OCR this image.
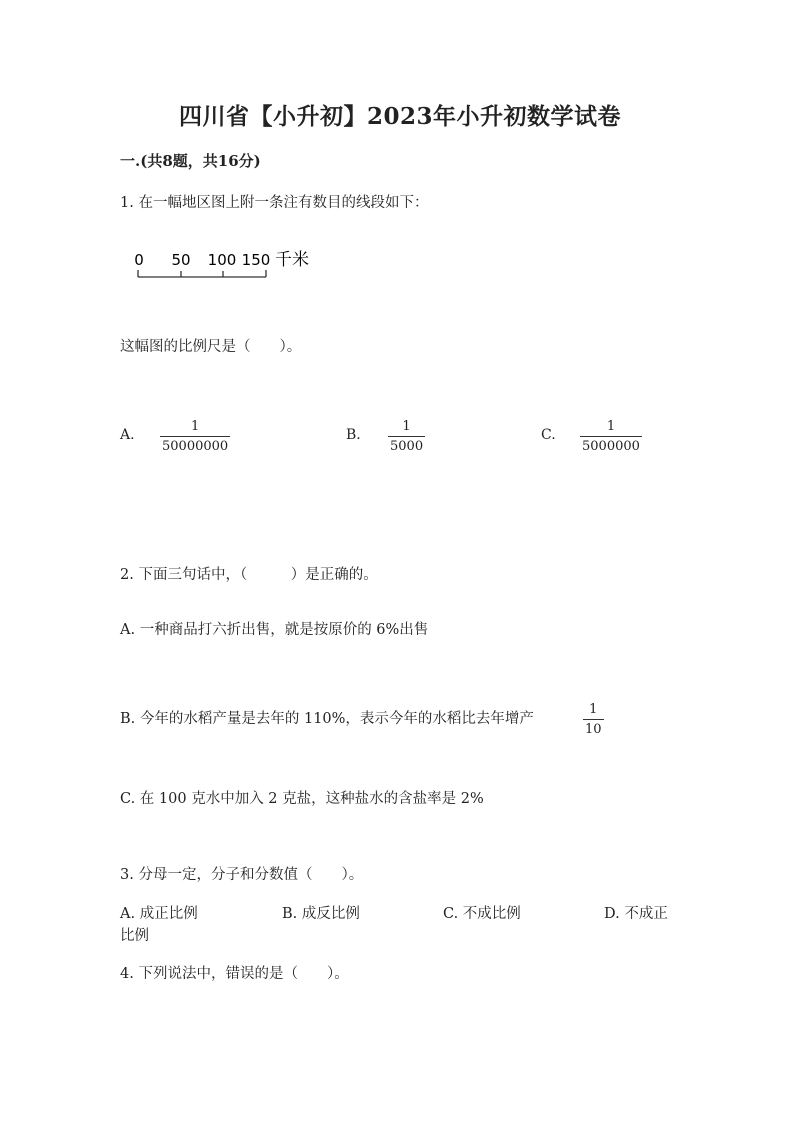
四川省【小升初】2023年小升初数学试卷
一.(共8题，共16分)
1. 在一幅地区图上附一条注有数目的线段如下：
0 50 100 150 千米
这幅图的比例尺是（　　）。
A. $\frac{1}{50000000}$	B. $\frac{1}{5000}$	C. $\frac{1}{5000000}$
2. 下面三句话中，（　　　）是正确的。
A. 一种商品打六折出售，就是按原价的 6%出售
B. 今年的水稻产量是去年的 110%，表示今年的水稻比去年增产	$\frac{1}{10}$
C. 在 100 克水中加入 2 克盐，这种盐水的含盐率是 2%
3. 分母一定，分子和分数值（　　）。
A. 成正比例	B. 成反比例	C. 不成比例	D. 不成正
比例
4. 下列说法中，错误的是（　　）。
